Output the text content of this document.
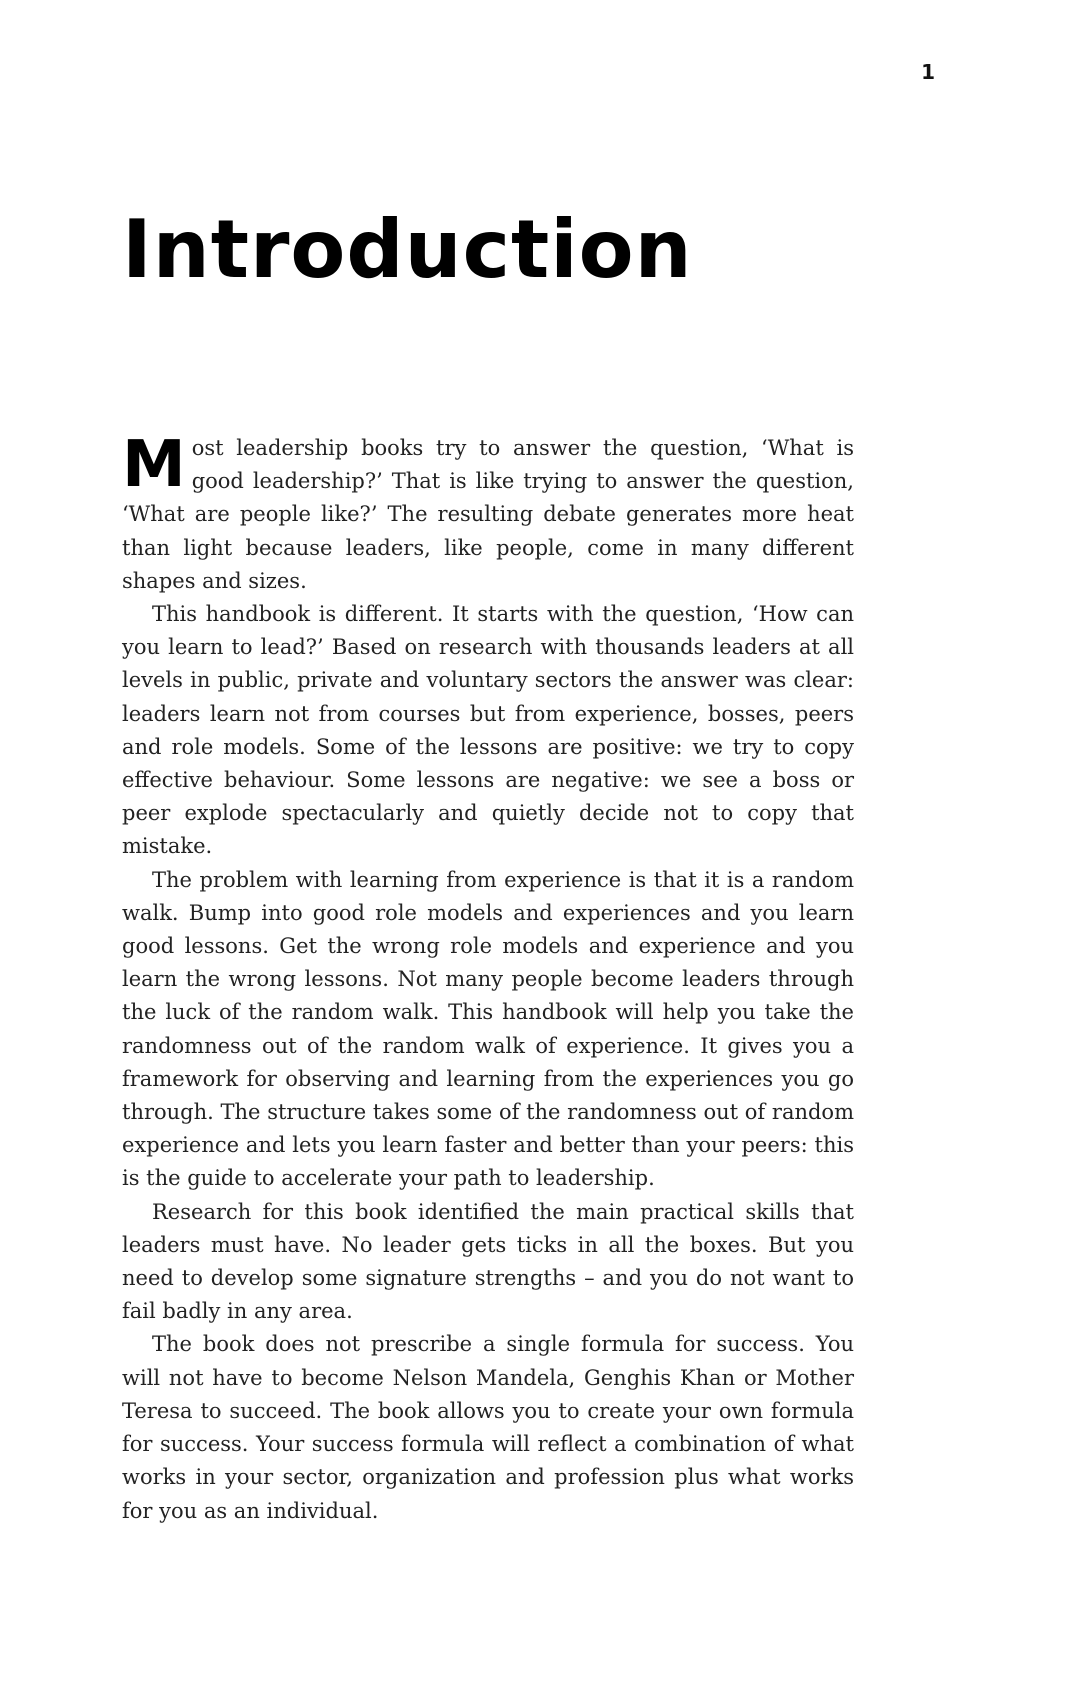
1
Introduction

Most leadership books try to answer the question, ‘What is good leadership?’ That is like trying to answer the question, ‘What are people like?’ The resulting debate generates more heat than light because leaders, like people, come in many different shapes and sizes.

This handbook is different. It starts with the question, ‘How can you learn to lead?’ Based on research with thousands leaders at all levels in public, private and voluntary sectors the answer was clear: leaders learn not from courses but from experience, bosses, peers and role models. Some of the lessons are positive: we try to copy effective behaviour. Some lessons are negative: we see a boss or peer explode spectacularly and quietly decide not to copy that mistake.

The problem with learning from experience is that it is a random walk. Bump into good role models and experiences and you learn good lessons. Get the wrong role models and experience and you learn the wrong lessons. Not many people become leaders through the luck of the random walk. This handbook will help you take the randomness out of the random walk of experience. It gives you a framework for observing and learning from the experiences you go through. The structure takes some of the randomness out of random experience and lets you learn faster and better than your peers: this is the guide to accelerate your path to leadership.

Research for this book identified the main practical skills that leaders must have. No leader gets ticks in all the boxes. But you need to develop some signature strengths – and you do not want to fail badly in any area.

The book does not prescribe a single formula for success. You will not have to become Nelson Mandela, Genghis Khan or Mother Teresa to succeed. The book allows you to create your own formula for success. Your success formula will reflect a combination of what works in your sector, organization and profession plus what works for you as an individual.
